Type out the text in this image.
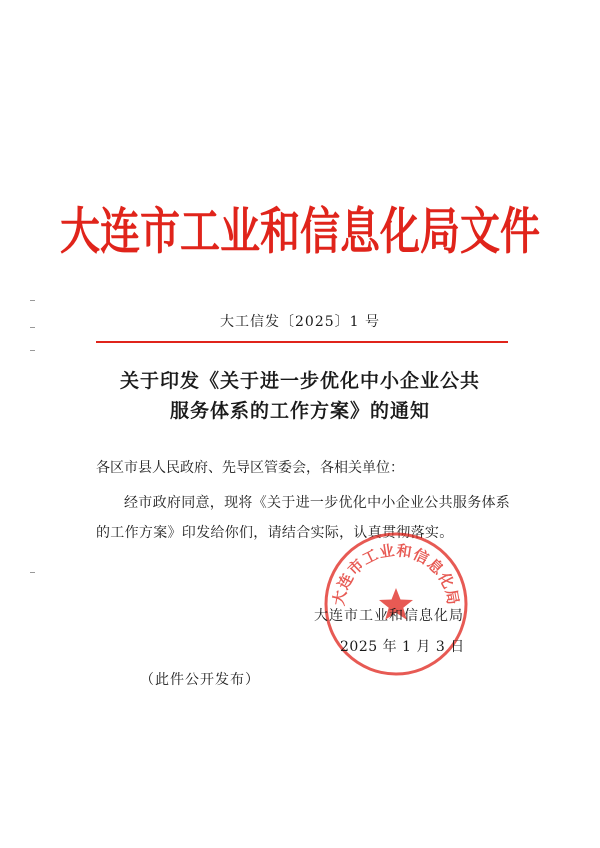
大连市工业和信息化局文件
大工信发〔2025〕1 号
关于印发《关于进一步优化中小企业公共
服务体系的工作方案》的通知
各区市县人民政府、先导区管委会，各相关单位：
经市政府同意，现将《关于进一步优化中小企业公共服务体系的工作方案》印发给你们，请结合实际，认真贯彻落实。
大连市工业和信息化局
大连市工业和信息化局
2025 年 1 月 3 日
（此件公开发布）
